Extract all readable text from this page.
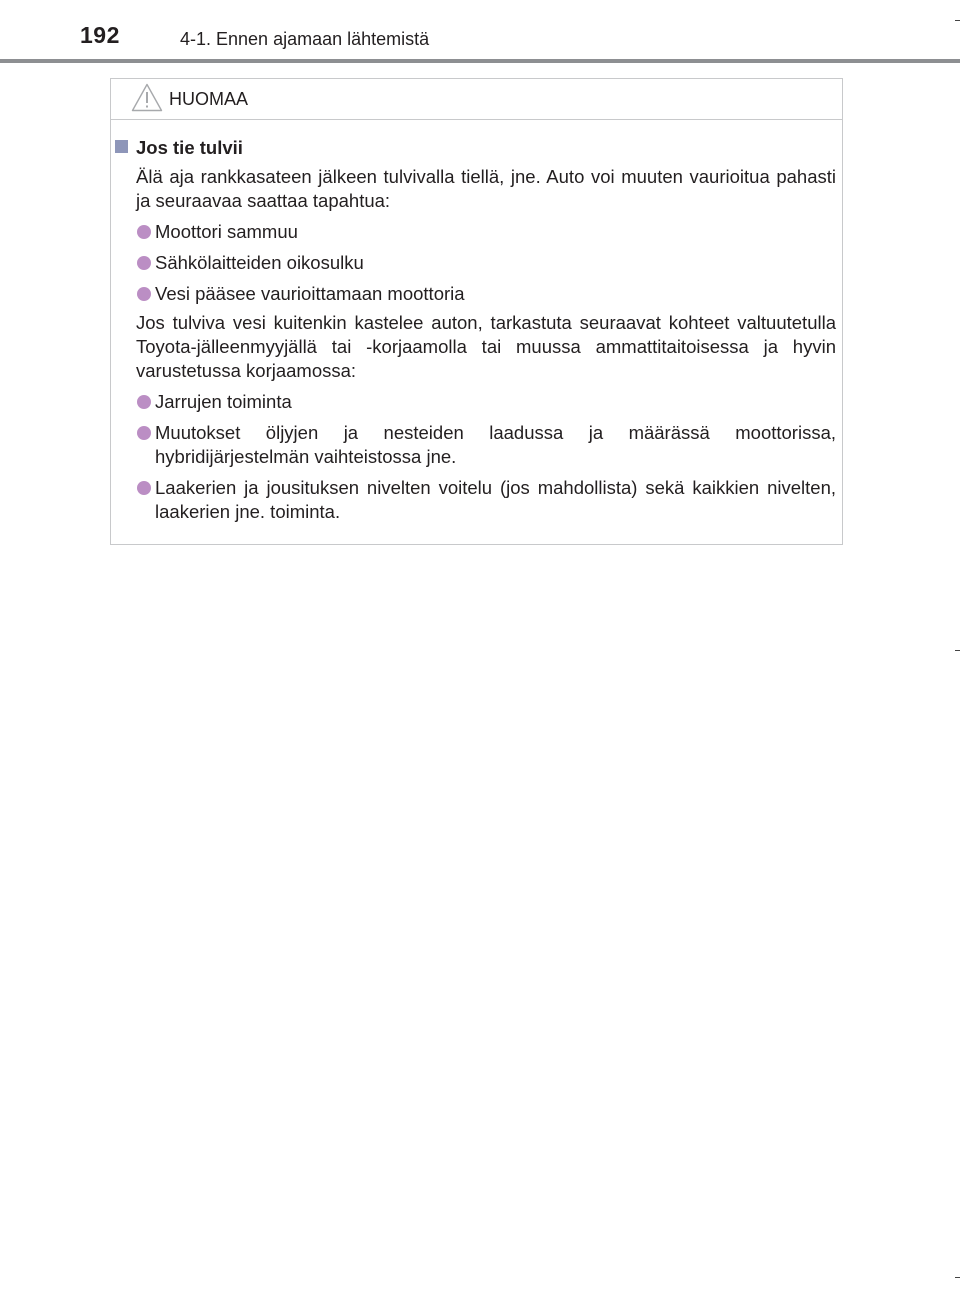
192	4-1. Ennen ajamaan lähtemistä
HUOMAA
Jos tie tulvii
Älä aja rankkasateen jälkeen tulvivalla tiellä, jne. Auto voi muuten vaurioitua pahasti ja seuraavaa saattaa tapahtua:
Moottori sammuu
Sähkölaitteiden oikosulku
Vesi pääsee vaurioittamaan moottoria
Jos tulviva vesi kuitenkin kastelee auton, tarkastuta seuraavat kohteet valtuutetulla Toyota-jälleenmyyjällä tai -korjaamolla tai muussa ammattitaitoisessa ja hyvin varustetussa korjaamossa:
Jarrujen toiminta
Muutokset öljyjen ja nesteiden laadussa ja määrässä moottorissa, hybridijärjestelmän vaihteistossa jne.
Laakerien ja jousituksen nivelten voitelu (jos mahdollista) sekä kaikkien nivelten, laakerien jne. toiminta.
